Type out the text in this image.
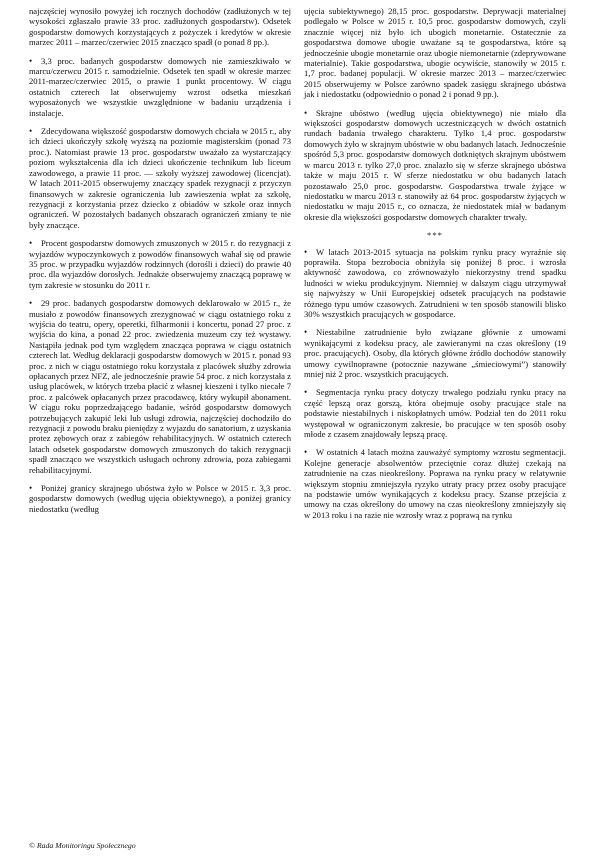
najczęściej wynosiło powyżej ich rocznych dochodów (zadłużonych w tej wysokości zgłaszało prawie 33 proc. zadłużonych gospodarstw). Odsetek gospodarstw domowych korzystających z pożyczek i kredytów w okresie marzec 2011 – marzec/czerwiec 2015 znacząco spadł (o ponad 8 pp.).

• 3,3 proc. badanych gospodarstw domowych nie zamieszkiwało w marcu/czerwcu 2015 r. samodzielnie. Odsetek ten spadł w okresie marzec 2011-marzec/czerwiec 2015, o prawie 1 punkt procentowy. W ciągu ostatnich czterech lat obserwujemy wzrost odsetka mieszkań wyposażonych we wszystkie uwzględnione w badaniu urządzenia i instalacje.

• Zdecydowana większość gospodarstw domowych chciała w 2015 r., aby ich dzieci ukończyły szkołę wyższą na poziomie magisterskim (ponad 73 proc.). Natomiast prawie 13 proc. gospodarstw uważało za wystarczający poziom wykształcenia dla ich dzieci ukończenie technikum lub liceum zawodowego, a prawie 11 proc. — szkoły wyższej zawodowej (licencjat). W latach 2011-2015 obserwujemy znaczący spadek rezygnacji z przyczyn finansowych w zakresie ograniczenia lub zawieszenia wpłat za szkołę, rezygnacji z korzystania przez dziecko z obiadów w szkole oraz innych ograniczeń. W pozostałych badanych obszarach ograniczeń zmiany te nie były znaczące.

• Procent gospodarstw domowych zmuszonych w 2015 r. do rezygnacji z wyjazdów wypoczynkowych z powodów finansowych wahał się od prawie 35 proc. w przypadku wyjazdów rodzinnych (dorośli i dzieci) do prawie 40 proc. dla wyjazdów dorosłych. Jednakże obserwujemy znaczącą poprawę w tym zakresie w stosunku do 2011 r.

• 29 proc. badanych gospodarstw domowych deklarowało w 2015 r., że musiało z powodów finansowych zrezygnować w ciągu ostatniego roku z wyjścia do teatru, opery, operetki, filharmonii i koncertu, ponad 27 proc. z wyjścia do kina, a ponad 22 proc. zwiedzenia muzeum czy też wystawy. Nastąpiła jednak pod tym względem znacząca poprawa w ciągu ostatnich czterech lat. Według deklaracji gospodarstw domowych w 2015 r. ponad 93 proc. z nich w ciągu ostatniego roku korzystała z placówek służby zdrowia opłacanych przez NFZ, ale jednocześnie prawie 54 proc. z nich korzystała z usług placówek, w których trzeba płacić z własnej kieszeni i tylko niecałe 7 proc. z palcówek opłacanych przez pracodawcę, który wykupił abonament. W ciągu roku poprzedzającego badanie, wśród gospodarstw domowych potrzebujących zakupić leki lub usługi zdrowia, najczęściej dochodziło do rezygnacji z powodu braku pieniędzy z wyjazdu do sanatorium, z uzyskania protez zębowych oraz z zabiegów rehabilitacyjnych. W ostatnich czterech latach odsetek gospodarstw domowych zmuszonych do takich rezygnacji spadł znacząco we wszystkich usługach ochrony zdrowia, poza zabiegami rehabilitacyjnymi.

• Poniżej granicy skrajnego ubóstwa żyło w Polsce w 2015 r. 3,3 proc. gospodarstw domowych (według ujęcia obiektywnego), a poniżej granicy niedostatku (według

ujęcia subiektywnego) 28,15 proc. gospodarstw. Deprywacji materialnej podlegało w Polsce w 2015 r. 10,5 proc. gospodarstw domowych, czyli znacznie więcej niż było ich ubogich monetarnie. Ostatecznie za gospodarstwa domowe ubogie uważane są te gospodarstwa, które są jednocześnie ubogie monetarnie oraz ubogie niemonetarnie (zdeprywowane materialnie). Takie gospodarstwa, ubogie ocywiście, stanowiły w 2015 r. 1,7 proc. badanej populacji. W okresie marzec 2013 – marzec/czerwiec 2015 obserwujemy w Polsce zarówno spadek zasięgu skrajnego ubóstwa jak i niedostatku (odpowiednio o ponad 2 i ponad 9 pp.).

• Skrajne ubóstwo (według ujęcia obiektywnego) nie miało dla większości gospodarstw domowych uczestniczących w dwóch ostatnich rundach badania trwałego charakteru. Tylko 1,4 proc. gospodarstw domowych żyło w skrajnym ubóstwie w obu badanych latach. Jednocześnie spośród 5,3 proc. gospodarstw domowych dotkniętych skrajnym ubóstwem w marcu 2013 r. tylko 27,0 proc. znalazło się w sferze skrajnego ubóstwa także w maju 2015 r. W sferze niedostatku w obu badanych latach pozostawało 25,0 proc. gospodarstw. Gospodarstwa trwale żyjące w niedostatku w marcu 2013 r. stanowiły aż 64 proc. gospodarstw żyjących w niedostatku w maju 2015 r., co oznacza, że niedostatek miał w badanym okresie dla większości gospodarstw domowych charakter trwały.

***

• W latach 2013-2015 sytuacja na polskim rynku pracy wyraźnie się poprawiła. Stopa bezrobocia obniżyła się poniżej 8 proc. i wzrosła aktywność zawodowa, co zrównoważyło niekorzystny trend spadku ludności w wieku produkcyjnym. Niemniej w dalszym ciągu utrzymywał się najwyższy w Unii Europejskiej odsetek pracujących na podstawie różnego typu umów czasowych. Zatrudnieni w ten sposób stanowili blisko 30% wszystkich pracujących w gospodarce.

• Niestabilne zatrudnienie było związane głównie z umowami wynikającymi z kodeksu pracy, ale zawieranymi na czas określony (19 proc. pracujących). Osoby, dla których główne źródło dochodów stanowiły umowy cywilnoprawne (potocznie nazywane „śmieciowymi”) stanowiły mniej niż 2 proc. wszystkich pracujących.

• Segmentacja rynku pracy dotyczy trwałego podziału rynku pracy na część lepszą oraz gorszą, która obejmuje osoby pracujące stale na podstawie niestabilnych i niskopłatnych umów. Podział ten do 2011 roku występował w ograniczonym zakresie, bo pracujące w ten sposób osoby młode z czasem znajdowały lepszą pracę.

• W ostatnich 4 latach można zauważyć symptomy wzrostu segmentacji. Kolejne generacje absolwentów przeciętnie coraz dłużej czekają na zatrudnienie na czas nieokreślony. Poprawa na rynku pracy w relatywnie większym stopniu zmniejszyła ryzyko utraty pracy przez osoby pracujące na podstawie umów wynikających z kodeksu pracy. Szanse przejścia z umowy na czas określony do umowy na czas nieokreślony zmniejszyły się w 2013 roku i na razie nie wzrosły wraz z poprawą na rynku

© Rada Monitoringu Społecznego
